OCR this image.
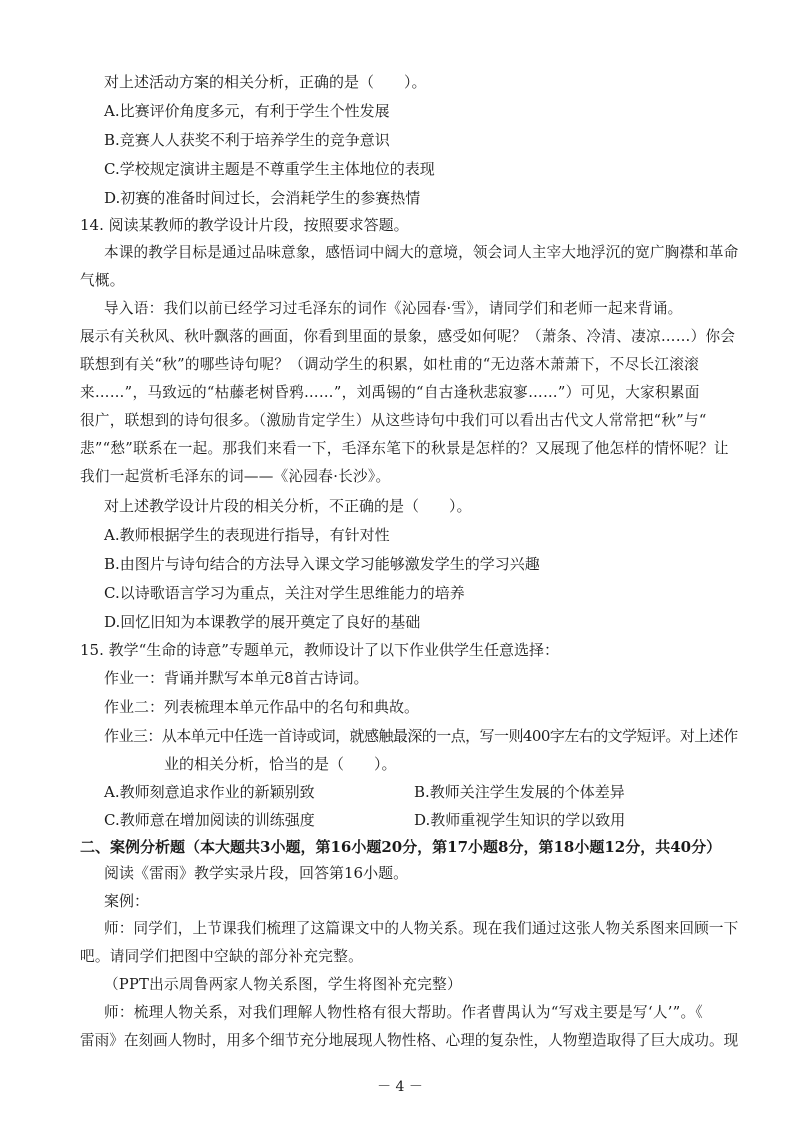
对上述活动方案的相关分析，正确的是（　　）。
A.比赛评价角度多元，有利于学生个性发展
B.竞赛人人获奖不利于培养学生的竞争意识
C.学校规定演讲主题是不尊重学生主体地位的表现
D.初赛的准备时间过长，会消耗学生的参赛热情
14. 阅读某教师的教学设计片段，按照要求答题。
本课的教学目标是通过品味意象，感悟词中阔大的意境，领会词人主宰大地浮沉的宽广胸襟和革命
气概。
导入语：我们以前已经学习过毛泽东的词作《沁园春·雪》，请同学们和老师一起来背诵。
展示有关秋风、秋叶飘落的画面，你看到里面的景象，感受如何呢？（萧条、冷清、凄凉……）你会
联想到有关“秋”的哪些诗句呢？（调动学生的积累，如杜甫的“无边落木萧萧下，不尽长江滚滚
来……”，马致远的“枯藤老树昏鸦……”，刘禹锡的“自古逢秋悲寂寥……”）可见，大家积累面
很广，联想到的诗句很多。（激励肯定学生）从这些诗句中我们可以看出古代文人常常把“秋”与“
悲”“愁”联系在一起。那我们来看一下，毛泽东笔下的秋景是怎样的？又展现了他怎样的情怀呢？让
我们一起赏析毛泽东的词——《沁园春·长沙》。
对上述教学设计片段的相关分析，不正确的是（　　）。
A.教师根据学生的表现进行指导，有针对性
B.由图片与诗句结合的方法导入课文学习能够激发学生的学习兴趣
C.以诗歌语言学习为重点，关注对学生思维能力的培养
D.回忆旧知为本课教学的展开奠定了良好的基础
15. 教学“生命的诗意”专题单元，教师设计了以下作业供学生任意选择：
作业一：背诵并默写本单元8首古诗词。
作业二：列表梳理本单元作品中的名句和典故。
作业三：从本单元中任选一首诗或词，就感触最深的一点，写一则400字左右的文学短评。对上述作
业的相关分析，恰当的是（　　）。
A.教师刻意追求作业的新颖别致	B.教师关注学生发展的个体差异
C.教师意在增加阅读的训练强度	D.教师重视学生知识的学以致用
二、案例分析题（本大题共3小题，第16小题20分，第17小题8分，第18小题12分，共40分）
阅读《雷雨》教学实录片段，回答第16小题。
案例：
师：同学们，上节课我们梳理了这篇课文中的人物关系。现在我们通过这张人物关系图来回顾一下
吧。请同学们把图中空缺的部分补充完整。
（PPT出示周鲁两家人物关系图，学生将图补充完整）
师：梳理人物关系，对我们理解人物性格有很大帮助。作者曹禺认为“写戏主要是写‘人’”。《
雷雨》在刻画人物时，用多个细节充分地展现人物性格、心理的复杂性，人物塑造取得了巨大成功。现
－ 4 －
